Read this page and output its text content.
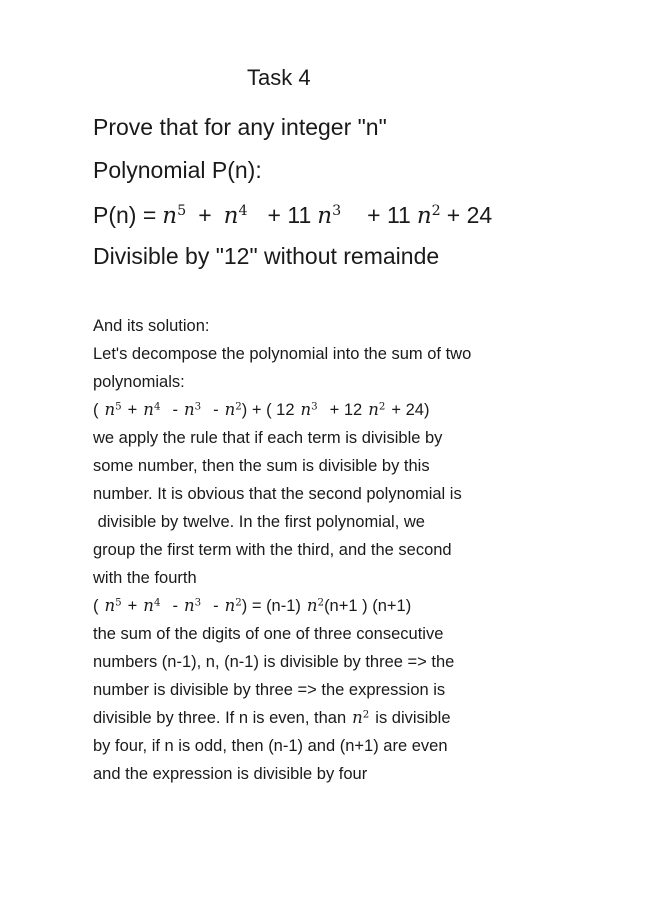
Task 4

Prove that for any integer "n"

Polynomial P(n):

$P(n) = n^5 + n^4 + 11$ $n^3 + 11$ $n^2 + 24$

Divisible by "12" without remainde

And its solution:

Let's decompose the polynomial into the sum of two

polynomials:

( $n^5 + n^4 - n^3 - n^2$) + ( 12 $n^3 + 12$ $n^2 + 24$)

we apply the rule that if each term is divisible by

some number, then the sum is divisible by this

number. It is obvious that the second polynomial is

divisible by twelve. In the first polynomial, we

group the first term with the third, and the second

with the fourth

( $n^5 + n^4 - n^3 - n^2) = (n-1)$ $n^2(n+1$ ) (n+1)

the sum of the digits of one of three consecutive

numbers (n-1), n, (n-1) is divisible by three => the

number is divisible by three => the expression is

divisible by three. If n is even, than $n^2$ is divisible

by four, if n is odd, then (n-1) and (n+1) are even

and the expression is divisible by four
